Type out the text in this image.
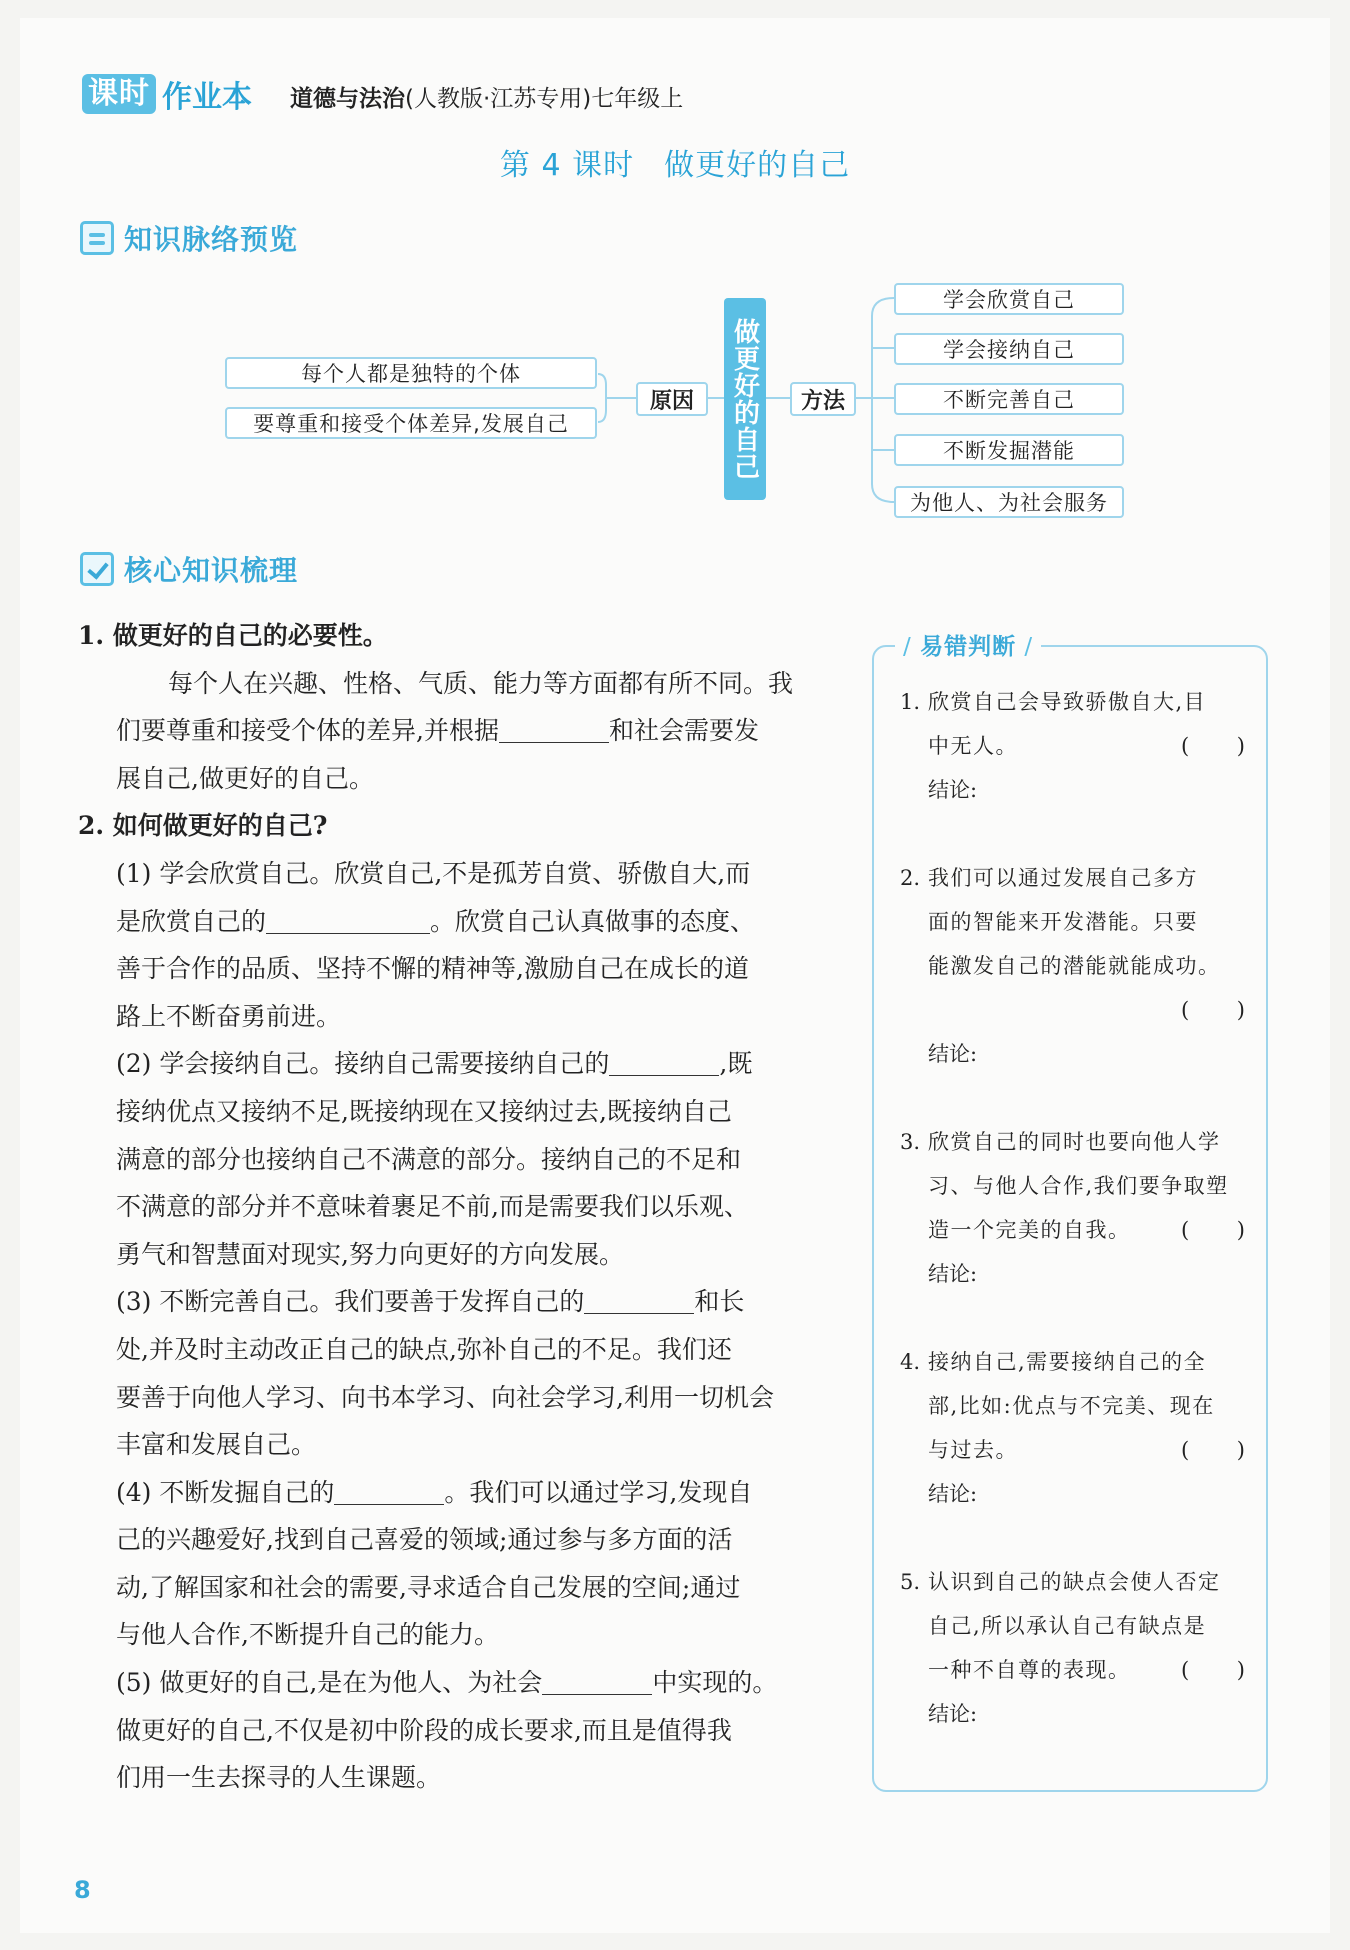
课时 作业本 道德与法治(人教版·江苏专用)七年级上
第 4 课时 做更好的自己
知识脉络预览
每个人都是独特的个体
要尊重和接受个体差异,发展自己
原因	做更好的自己	方法
学会欣赏自己
学会接纳自己
不断完善自己
不断发掘潜能
为他人、为社会服务
核心知识梳理

1. 做更好的自己的必要性。

每个人在兴趣、性格、气质、能力等方面都有所不同。我

们要尊重和接受个体的差异,并根据	和社会需要发

展自己,做更好的自己。

2. 如何做更好的自己?

(1) 学会欣赏自己。欣赏自己,不是孤芳自赏、骄傲自大,而

是欣赏自己的	。欣赏自己认真做事的态度、

善于合作的品质、坚持不懈的精神等,激励自己在成长的道

路上不断奋勇前进。

(2) 学会接纳自己。接纳自己需要接纳自己的	,既

接纳优点又接纳不足,既接纳现在又接纳过去,既接纳自己

满意的部分也接纳自己不满意的部分。接纳自己的不足和

不满意的部分并不意味着裹足不前,而是需要我们以乐观、

勇气和智慧面对现实,努力向更好的方向发展。

(3) 不断完善自己。我们要善于发挥自己的	和长

处,并及时主动改正自己的缺点,弥补自己的不足。我们还

要善于向他人学习、向书本学习、向社会学习,利用一切机会

丰富和发展自己。

(4) 不断发掘自己的	。我们可以通过学习,发现自

己的兴趣爱好,找到自己喜爱的领域;通过参与多方面的活

动,了解国家和社会的需要,寻求适合自己发展的空间;通过

与他人合作,不断提升自己的能力。

(5) 做更好的自己,是在为他人、为社会	中实现的。

做更好的自己,不仅是初中阶段的成长要求,而且是值得我

们用一生去探寻的人生课题。

/ 易错判断 /
1. 欣赏自己会导致骄傲自大,目
中无人。	( )
结论:
2. 我们可以通过发展自己多方
面的智能来开发潜能。只要
能激发自己的潜能就能成功。
( )
结论:
3. 欣赏自己的同时也要向他人学
习、与他人合作,我们要争取塑
造一个完美的自我。	( )
结论:
4. 接纳自己,需要接纳自己的全
部,比如:优点与不完美、现在
与过去。	( )
结论:
5. 认识到自己的缺点会使人否定
自己,所以承认自己有缺点是
一种不自尊的表现。	( )
结论:
8
